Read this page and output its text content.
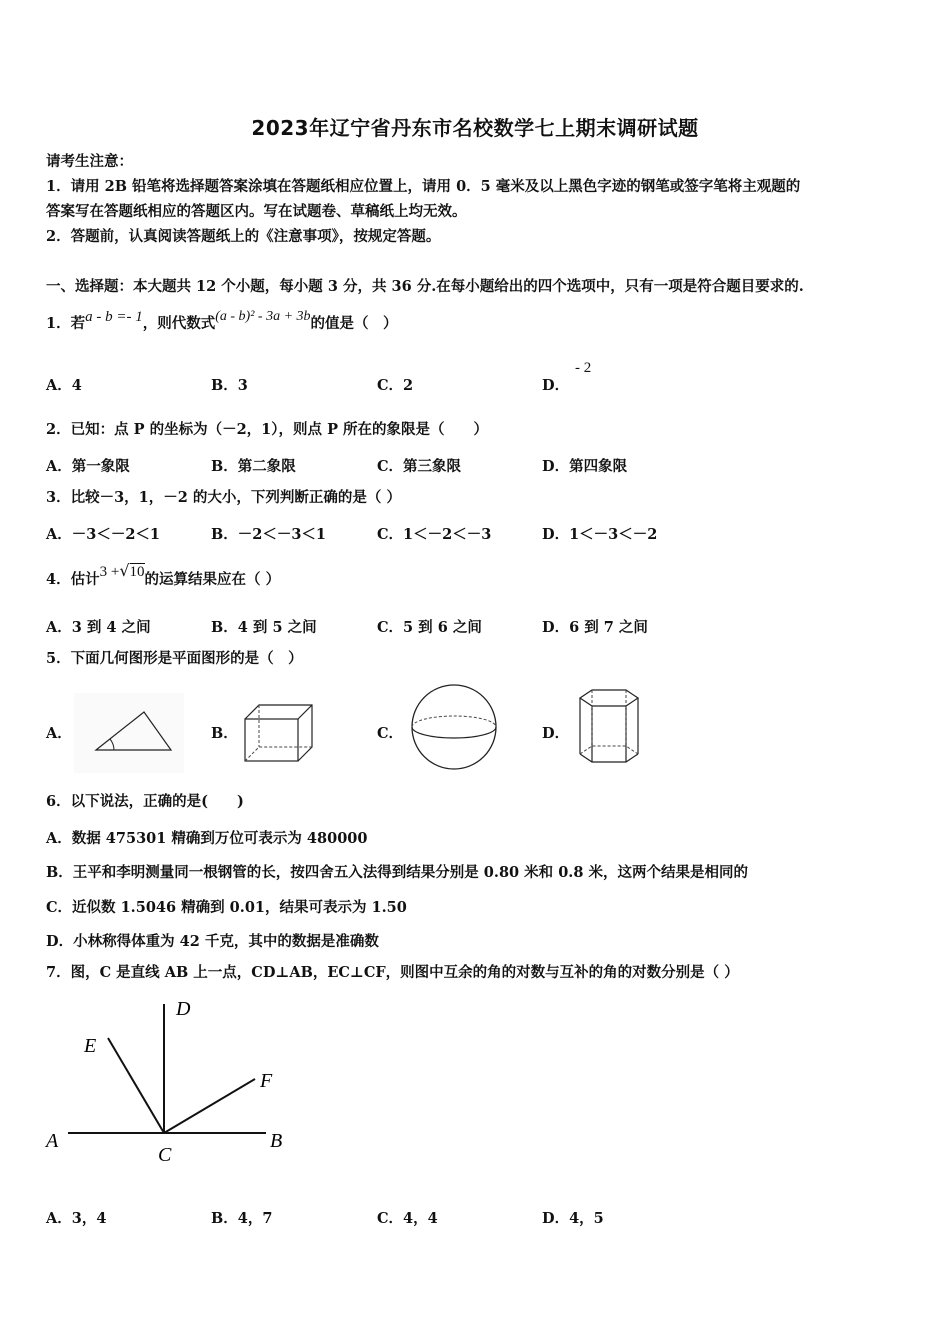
2023年辽宁省丹东市名校数学七上期末调研试题
请考生注意：
1．请用 2B 铅笔将选择题答案涂填在答题纸相应位置上，请用 0．5 毫米及以上黑色字迹的钢笔或签字笔将主观题的
答案写在答题纸相应的答题区内。写在试题卷、草稿纸上均无效。
2．答题前，认真阅读答题纸上的《注意事项》，按规定答题。
一、选择题：本大题共 12 个小题，每小题 3 分，共 36 分.在每小题给出的四个选项中，只有一项是符合题目要求的.
1．若a - b =- 1，则代数式(a - b)² - 3a + 3b的值是（　）
A．4	B．3	C．2	D．
- 2
2．已知：点 P 的坐标为（－2，1），则点 P 所在的象限是（　　）
A．第一象限	B．第二象限	C．第三象限	D．第四象限
3．比较－3，1，－2 的大小，下列判断正确的是（ ）
A．－3＜－2＜1	B．－2＜－3＜1	C．1＜－2＜－3	D．1＜－3＜－2
4．估计3 +√10的运算结果应在（ ）
A．3 到 4 之间	B．4 到 5 之间	C．5 到 6 之间	D．6 到 7 之间
5．下面几何图形是平面图形的是（　）
A．	B．	C．	D．
6．以下说法，正确的是(　　)
A．数据 475301 精确到万位可表示为 480000
B．王平和李明测量同一根钢管的长，按四舍五入法得到结果分别是 0.80 米和 0.8 米，这两个结果是相同的
C．近似数 1.5046 精确到 0.01，结果可表示为 1.50
D．小林称得体重为 42 千克，其中的数据是准确数
7．图，C 是直线 AB 上一点，CD⊥AB，EC⊥CF，则图中互余的角的对数与互补的角的对数分别是（ ）
A	B
C
D
E
F
A．3，4	B．4，7	C．4，4	D．4，5
